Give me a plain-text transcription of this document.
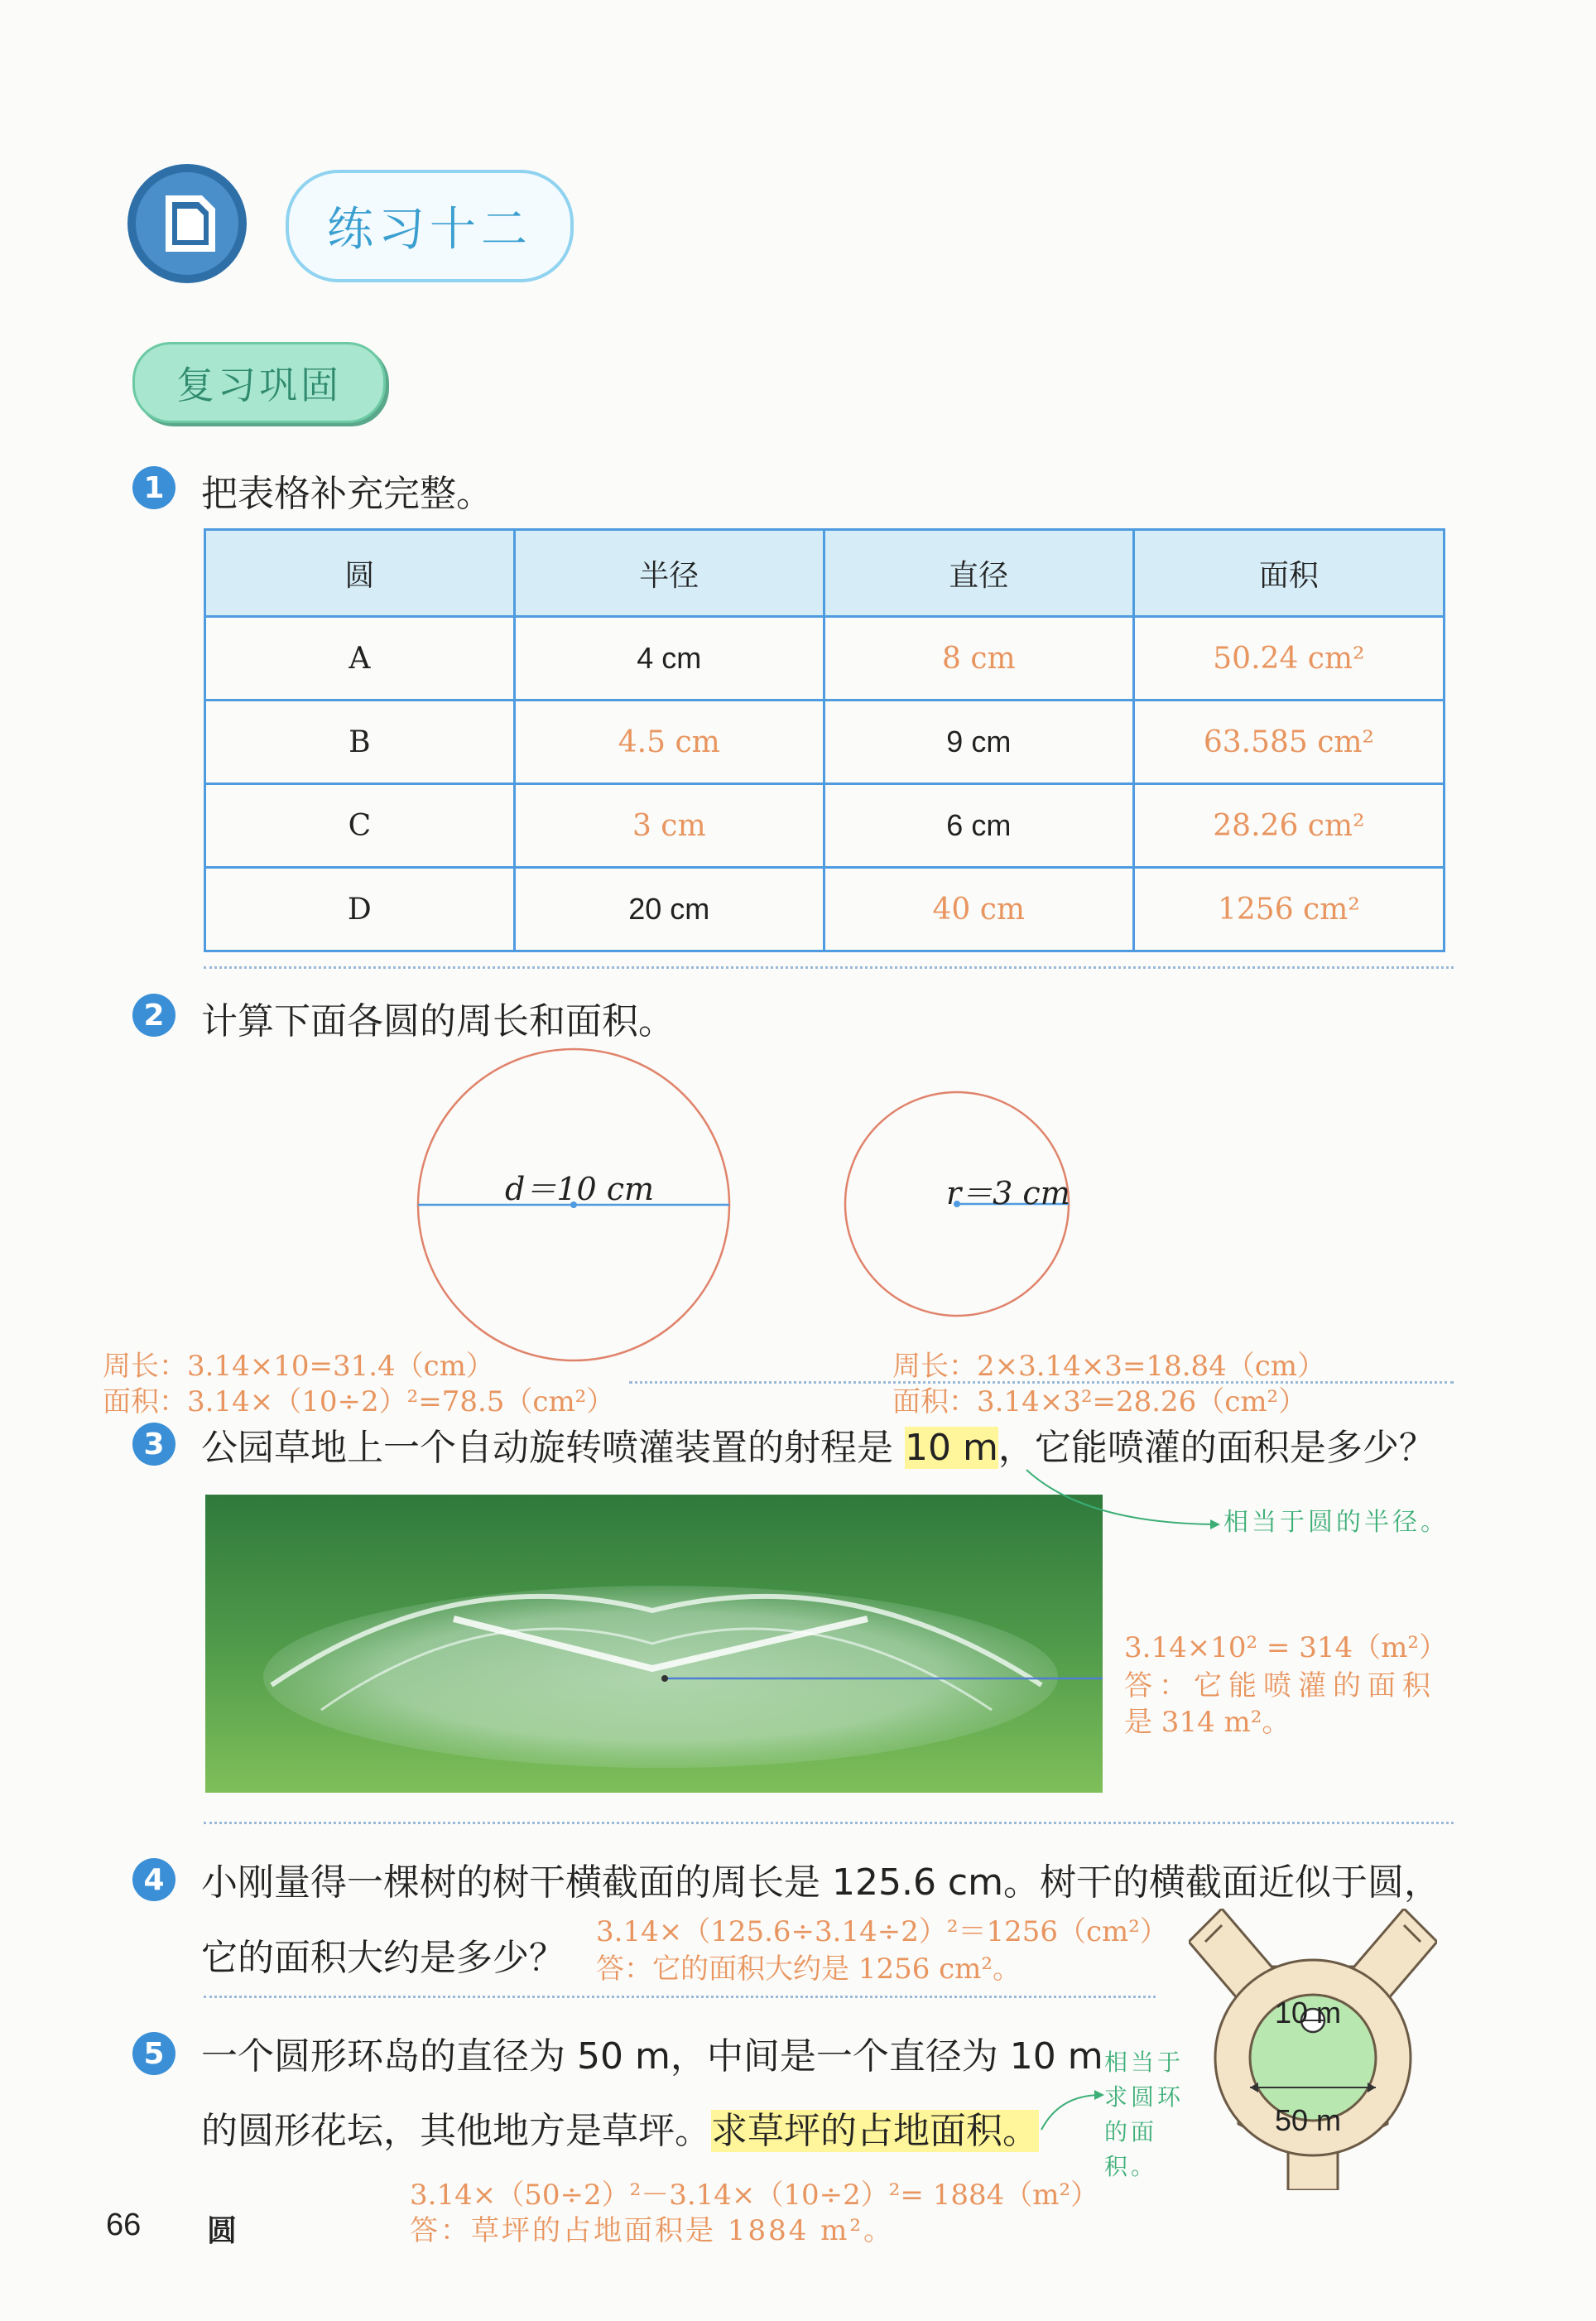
练习十二
复习巩固
1	把表格补充完整。
圆	半径	直径	面积
A	4 cm	8 cm	50.24 cm²
B	4.5 cm	9 cm	63.585 cm²
C	3 cm	6 cm	28.26 cm²
D	20 cm	40 cm	1256 cm²
2	计算下面各圆的周长和面积。
d＝10 cm	r＝3 cm
周长：3.14×10=31.4（cm）
面积：3.14×（10÷2）²=78.5（cm²）
周长：2×3.14×3=18.84（cm）
面积：3.14×3²=28.26（cm²）
3	公园草地上一个自动旋转喷灌装置的射程是 10 m，它能喷灌的面积是多少？
相当于圆的半径。
3.14×10² = 314（m²）
答：它能喷灌的面积
是 314 m²。
4	小刚量得一棵树的树干横截面的周长是 125.6 cm。树干的横截面近似于圆，
它的面积大约是多少？
3.14×（125.6÷3.14÷2）²＝1256（cm²）
答：它的面积大约是 1256 cm²。
5	一个圆形环岛的直径为 50 m，中间是一个直径为 10 m
的圆形花坛，其他地方是草坪。求草坪的占地面积。
相当于求圆环的面积。
10 m
50 m
3.14×（50÷2）²－3.14×（10÷2）²= 1884（m²）
答：草坪的占地面积是 1884 m²。
66 圆
